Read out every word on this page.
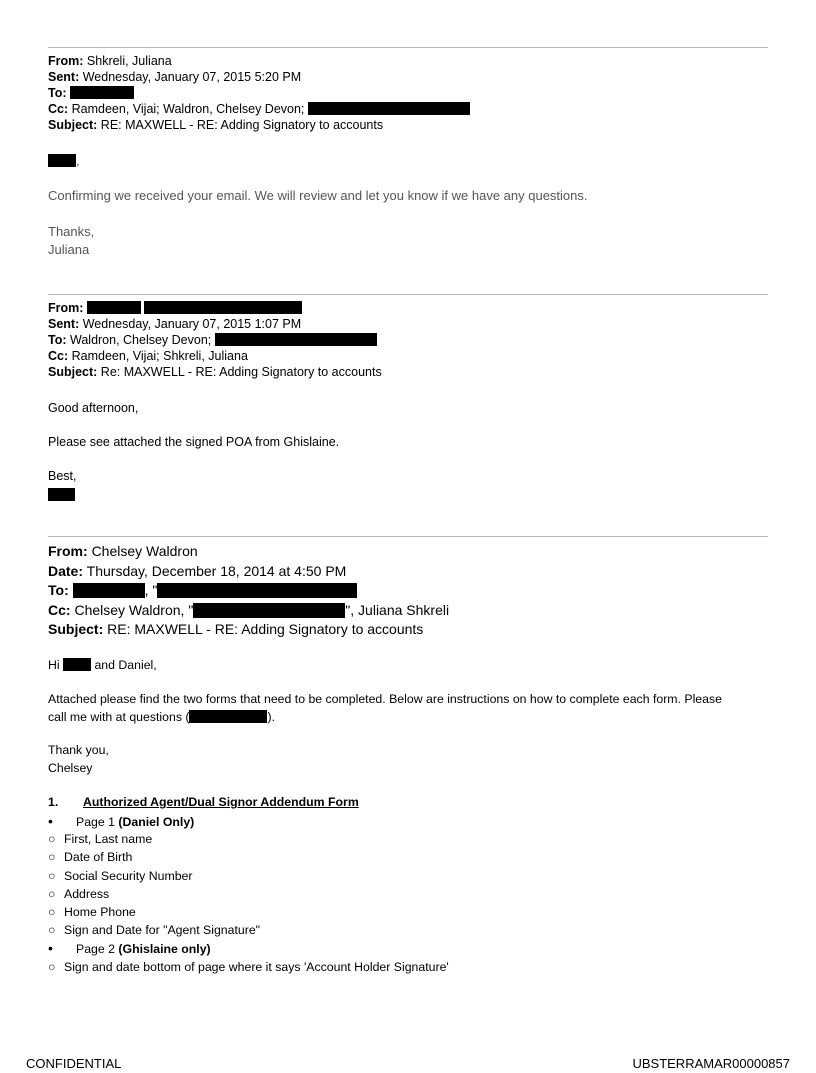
From: Shkreli, Juliana
Sent: Wednesday, January 07, 2015 5:20 PM
To:
Cc: Ramdeen, Vijai; Waldron, Chelsey Devon;
Subject: RE: MAXWELL - RE: Adding Signatory to accounts
,
Confirming we received your email. We will review and let you know if we have any questions.
Thanks,
Juliana
From:
Sent: Wednesday, January 07, 2015 1:07 PM
To: Waldron, Chelsey Devon;
Cc: Ramdeen, Vijai; Shkreli, Juliana
Subject: Re: MAXWELL - RE: Adding Signatory to accounts
Good afternoon,
Please see attached the signed POA from Ghislaine.
Best,
From: Chelsey Waldron
Date: Thursday, December 18, 2014 at 4:50 PM
To:	, "
Cc: Chelsey Waldron, "	", Juliana Shkreli
Subject: RE: MAXWELL - RE: Adding Signatory to accounts
Hi	and Daniel,
Attached please find the two forms that need to be completed. Below are instructions on how to complete each form. Please
call me with at questions (	).
Thank you,
Chelsey
1. Authorized Agent/Dual Signor Addendum Form
• Page 1 (Daniel Only)
○ First, Last name
○ Date of Birth
○ Social Security Number
○ Address
○ Home Phone
○ Sign and Date for "Agent Signature"
• Page 2 (Ghislaine only)
○ Sign and date bottom of page where it says 'Account Holder Signature'
CONFIDENTIAL	UBSTERRAMAR00000857
